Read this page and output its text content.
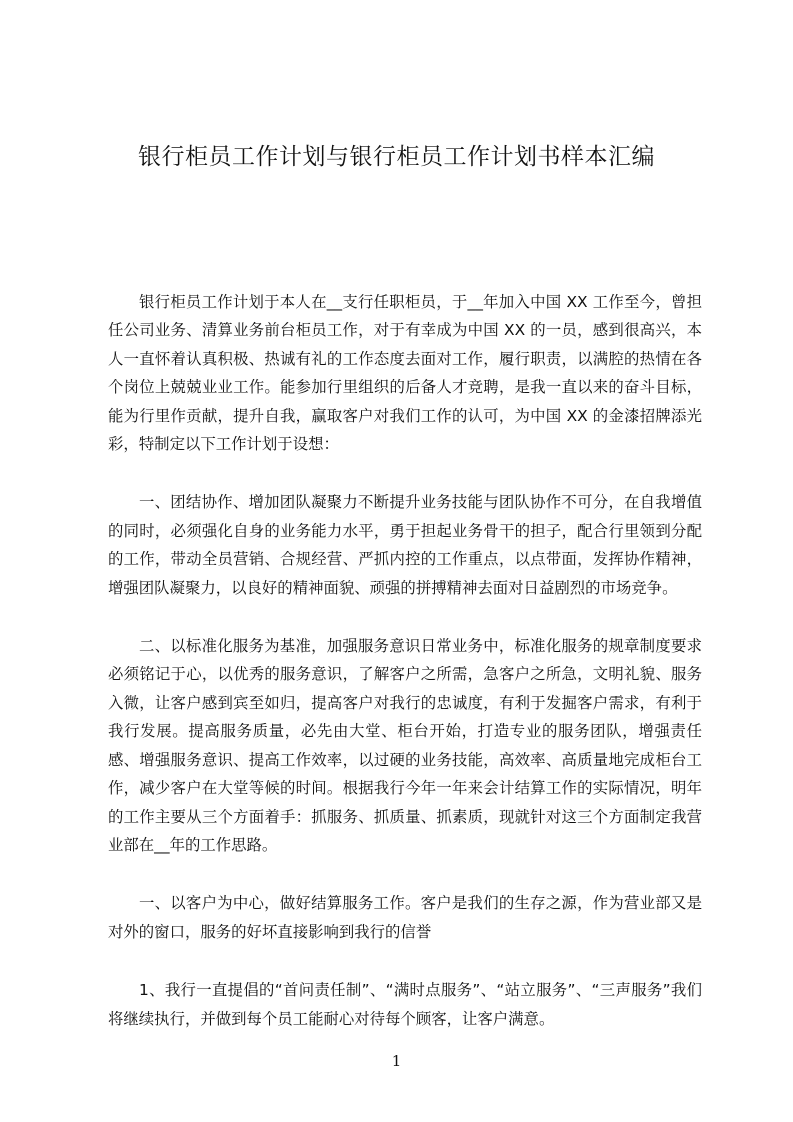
银行柜员工作计划与银行柜员工作计划书样本汇编

银行柜员工作计划于本人在__支行任职柜员，于__年加入中国 XX 工作至今，曾担任公司业务、清算业务前台柜员工作，对于有幸成为中国 XX 的一员，感到很高兴，本人一直怀着认真积极、热诚有礼的工作态度去面对工作，履行职责，以满腔的热情在各个岗位上兢兢业业工作。能参加行里组织的后备人才竞聘，是我一直以来的奋斗目标，能为行里作贡献，提升自我，赢取客户对我们工作的认可，为中国 XX 的金漆招牌添光彩，特制定以下工作计划于设想：

一、团结协作、增加团队凝聚力不断提升业务技能与团队协作不可分，在自我增值的同时，必须强化自身的业务能力水平，勇于担起业务骨干的担子，配合行里领到分配的工作，带动全员营销、合规经营、严抓内控的工作重点，以点带面，发挥协作精神，增强团队凝聚力，以良好的精神面貌、顽强的拼搏精神去面对日益剧烈的市场竞争。

二、以标准化服务为基准，加强服务意识日常业务中，标准化服务的规章制度要求必须铭记于心，以优秀的服务意识，了解客户之所需，急客户之所急，文明礼貌、服务入微，让客户感到宾至如归，提高客户对我行的忠诚度，有利于发掘客户需求，有利于我行发展。提高服务质量，必先由大堂、柜台开始，打造专业的服务团队，增强责任感、增强服务意识、提高工作效率，以过硬的业务技能，高效率、高质量地完成柜台工作，减少客户在大堂等候的时间。根据我行今年一年来会计结算工作的实际情况，明年的工作主要从三个方面着手：抓服务、抓质量、抓素质，现就针对这三个方面制定我营业部在__年的工作思路。

一、以客户为中心，做好结算服务工作。客户是我们的生存之源，作为营业部又是对外的窗口，服务的好坏直接影响到我行的信誉

1、我行一直提倡的“首问责任制”、“满时点服务”、“站立服务”、“三声服务”我们将继续执行，并做到每个员工能耐心对待每个顾客，让客户满意。

1
